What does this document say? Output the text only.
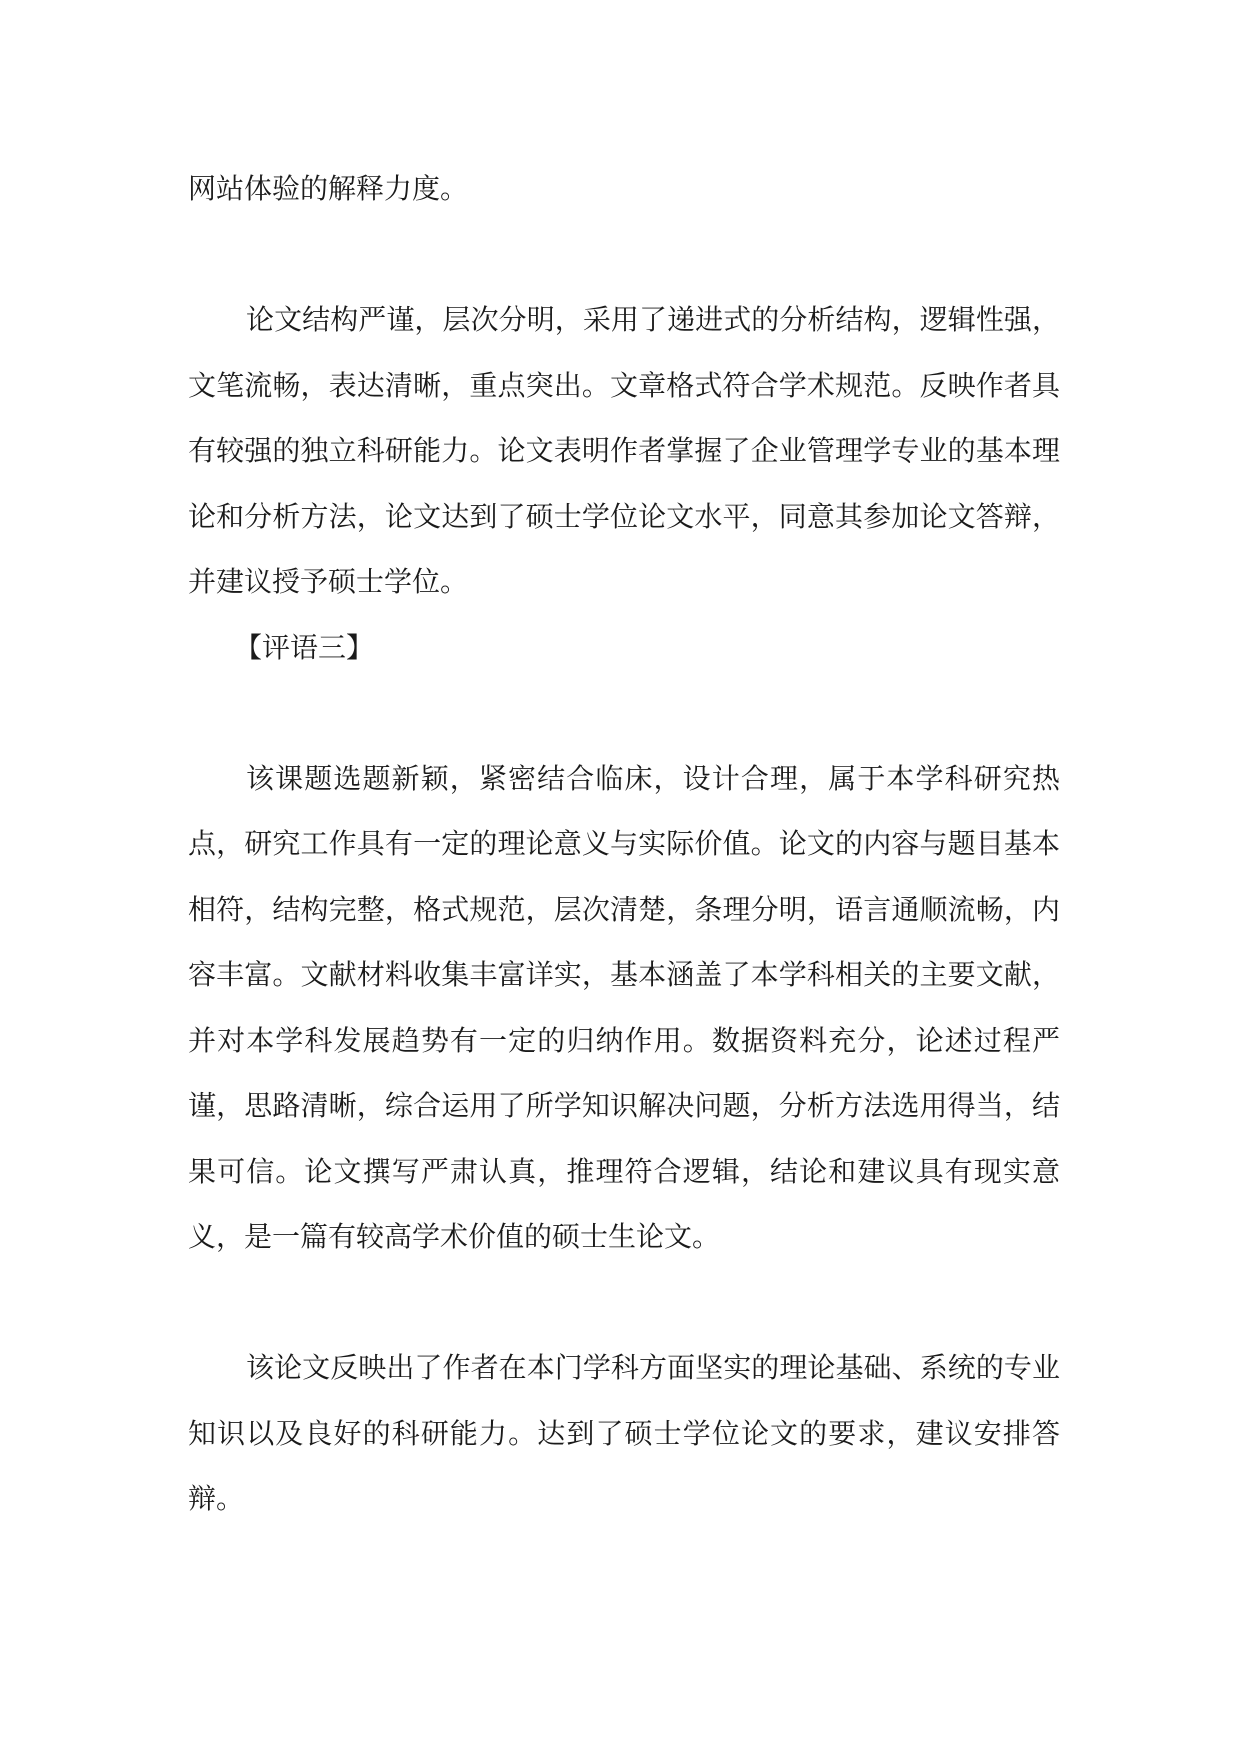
网站体验的解释力度。

论文结构严谨，层次分明，采用了递进式的分析结构，逻辑性强，文笔流畅，表达清晰，重点突出。文章格式符合学术规范。反映作者具有较强的独立科研能力。论文表明作者掌握了企业管理学专业的基本理论和分析方法，论文达到了硕士学位论文水平，同意其参加论文答辩，并建议授予硕士学位。

【评语三】

该课题选题新颖，紧密结合临床，设计合理，属于本学科研究热点，研究工作具有一定的理论意义与实际价值。论文的内容与题目基本相符，结构完整，格式规范，层次清楚，条理分明，语言通顺流畅，内容丰富。文献材料收集丰富详实，基本涵盖了本学科相关的主要文献，并对本学科发展趋势有一定的归纳作用。数据资料充分，论述过程严谨，思路清晰，综合运用了所学知识解决问题，分析方法选用得当，结果可信。论文撰写严肃认真，推理符合逻辑，结论和建议具有现实意义，是一篇有较高学术价值的硕士生论文。

该论文反映出了作者在本门学科方面坚实的理论基础、系统的专业知识以及良好的科研能力。达到了硕士学位论文的要求，建议安排答辩。
